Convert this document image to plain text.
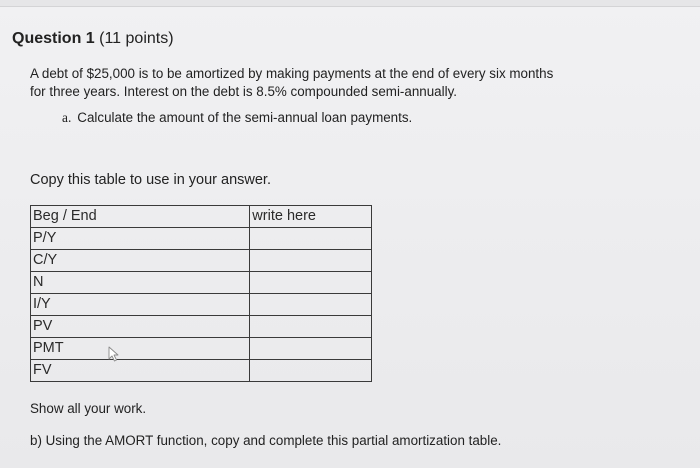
Question 1 (11 points)
A debt of $25,000 is to be amortized by making payments at the end of every six months
for three years. Interest on the debt is 8.5% compounded semi-annually.
a. Calculate the amount of the semi-annual loan payments.
Copy this table to use in your answer.
Beg / End	write here
P/Y	
C/Y	
N	
I/Y	
PV	
PMT	
FV	
Show all your work.
b) Using the AMORT function, copy and complete this partial amortization table.
